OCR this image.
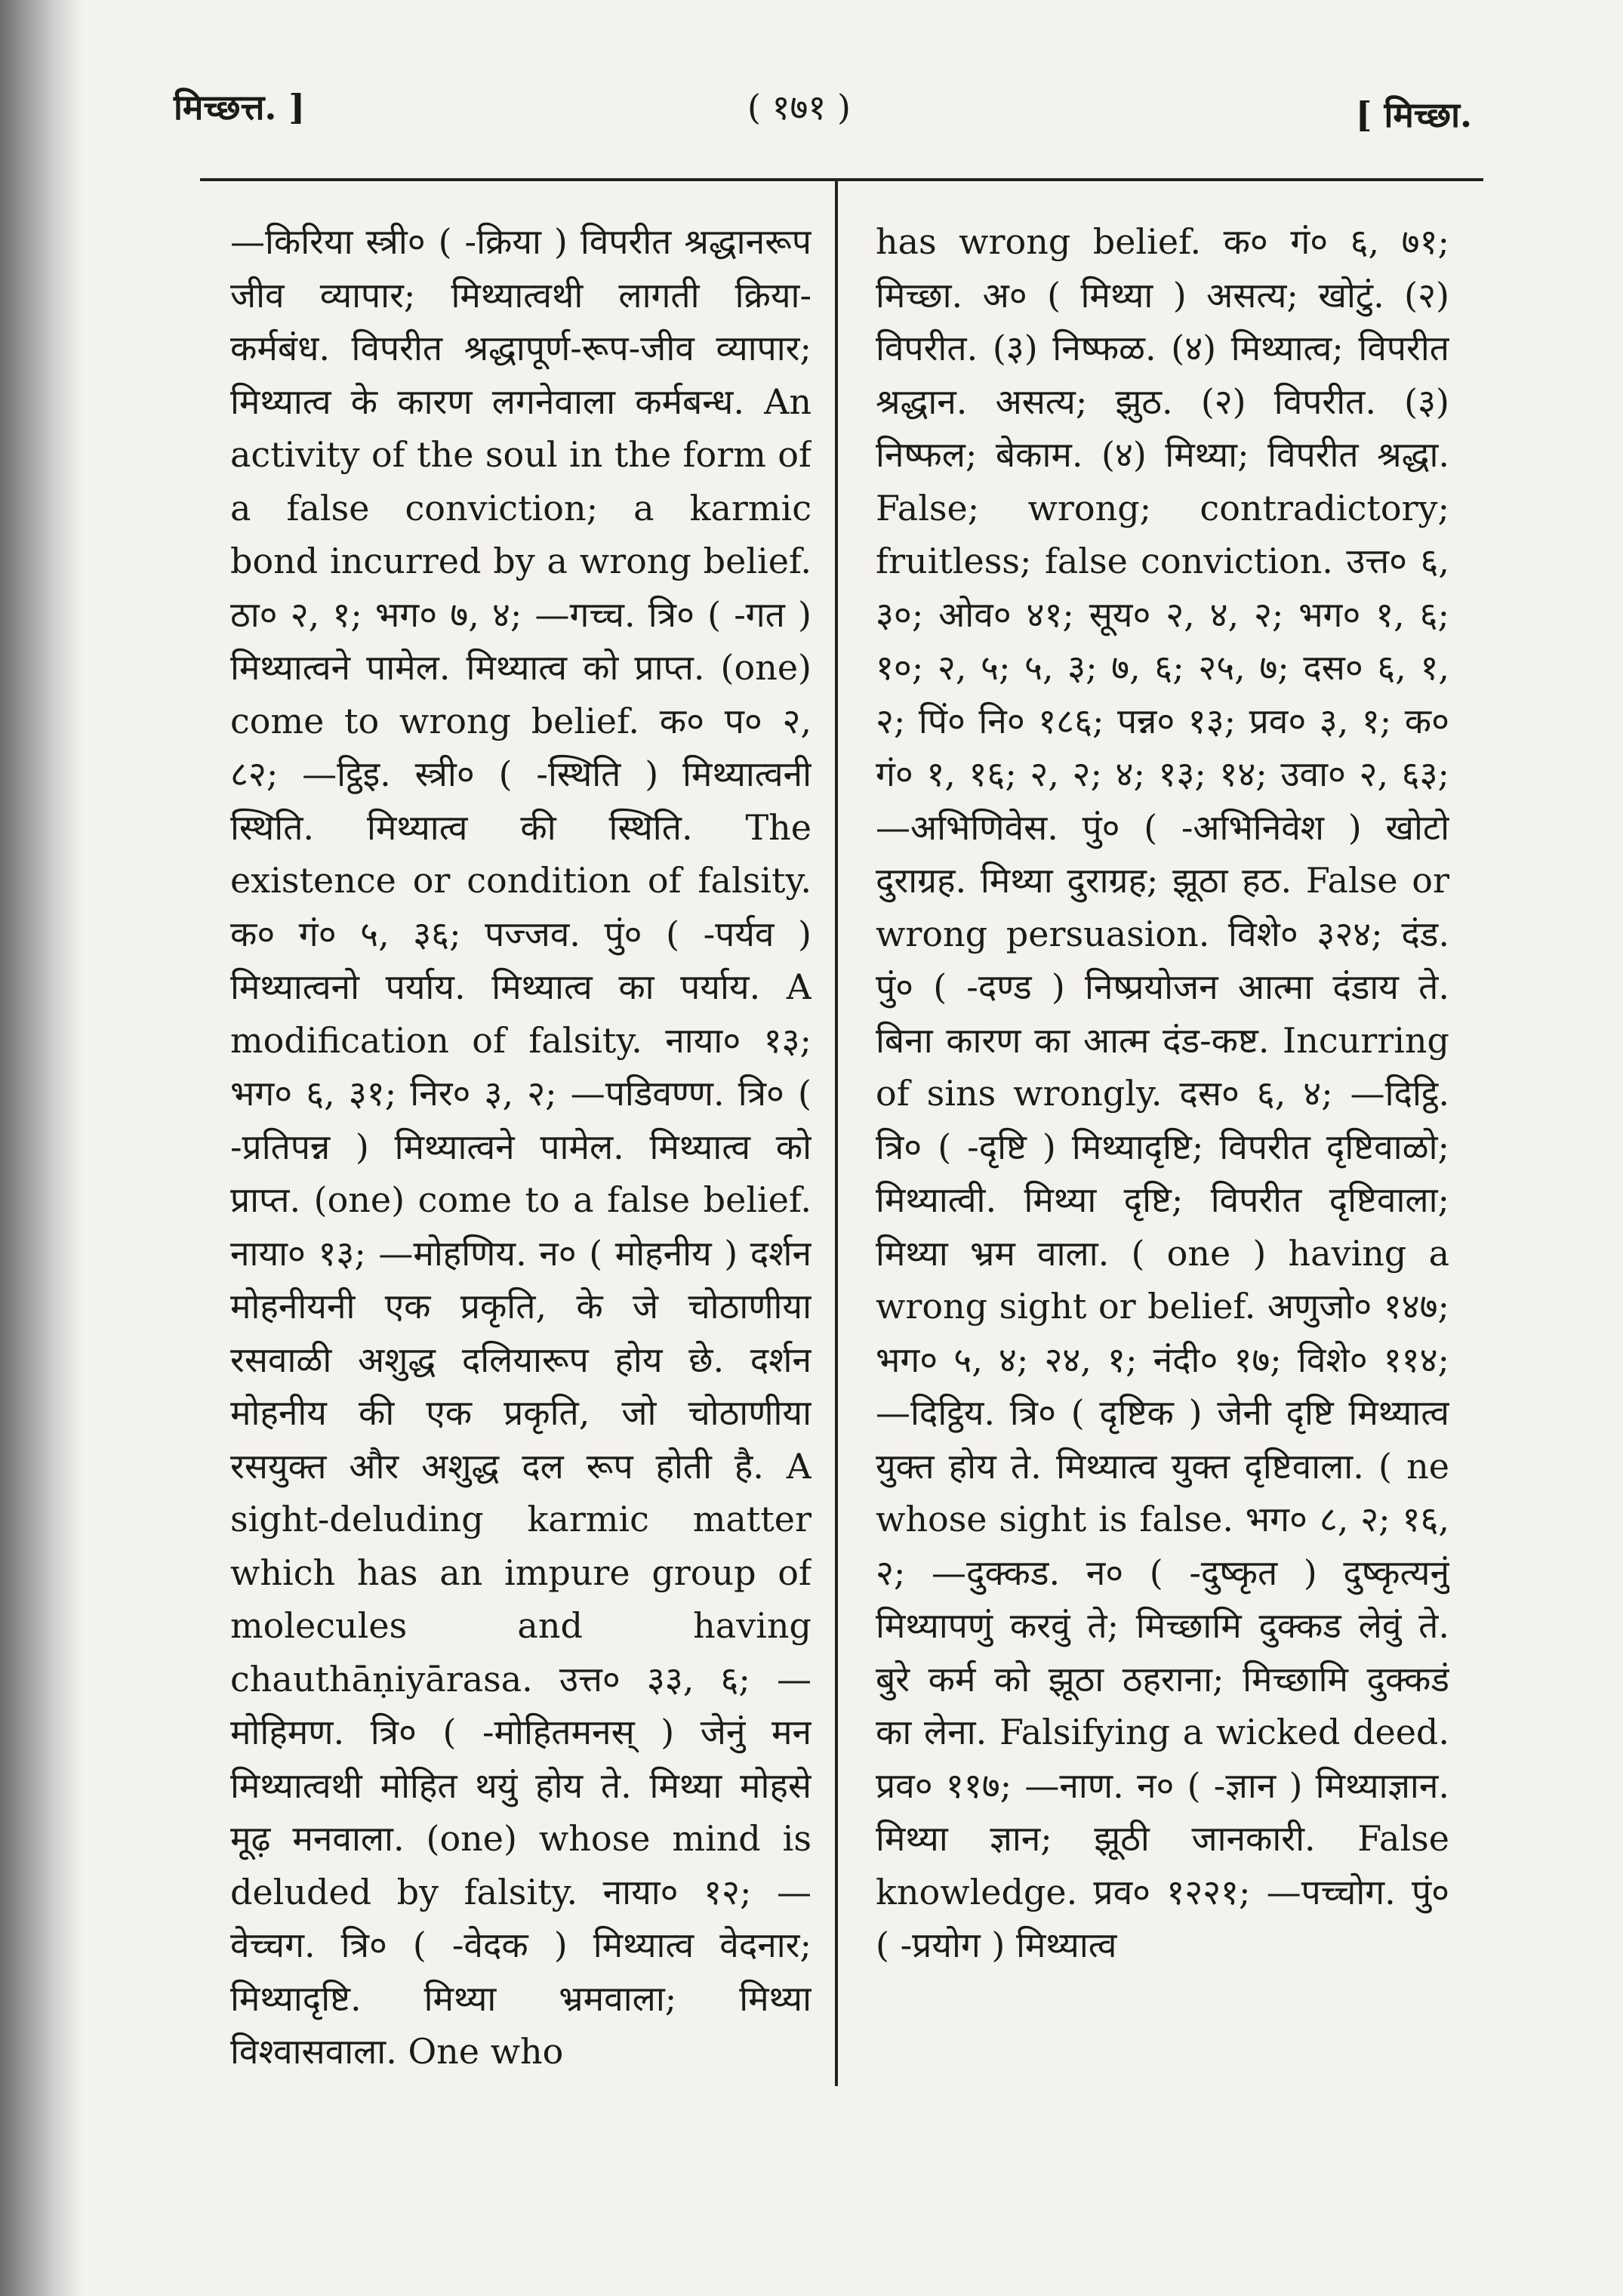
मिच्छत्त. ]	( १७१ )	[ मिच्छा.

—किरिया स्त्री० ( -क्रिया ) विपरीत श्रद्धानरूप जीव व्यापार; मिथ्यात्वथी लागती क्रिया-कर्मबंध. विपरीत श्रद्धापूर्ण-रूप-जीव व्यापार; मिथ्यात्व के कारण लगनेवाला कर्मबन्ध. An activity of the soul in the form of a false conviction; a karmic bond incurred by a wrong belief. ठा० २, १; भग० ७, ४; —गच्च. त्रि० ( -गत ) मिथ्यात्वने पामेल. मिथ्यात्व को प्राप्त. (one) come to wrong belief. क० प० २, ८२; —ट्ठिइ. स्त्री० ( -स्थिति ) मिथ्यात्वनी स्थिति. मिथ्यात्व की स्थिति. The existence or condition of falsity. क० गं० ५, ३६; पज्जव. पुं० ( -पर्यव ) मिथ्यात्वनो पर्याय. मिथ्यात्व का पर्याय. A modification of falsity. नाया० १३; भग० ६, ३१; निर० ३, २; —पडिवण्ण. त्रि० ( -प्रतिपन्न ) मिथ्यात्वने पामेल. मिथ्यात्व को प्राप्त. (one) come to a false belief. नाया० १३; —मोहणिय. न० ( मोहनीय ) दर्शन मोहनीयनी एक प्रकृति, के जे चोठाणीया रसवाळी अशुद्ध दलियारूप होय छे. दर्शन मोहनीय की एक प्रकृति, जो चोठाणीया रसयुक्त और अशुद्ध दल रूप होती है. A sight-deluding karmic matter which has an impure group of molecules and having chauthāṇiyārasa. उत्त० ३३, ६; —मोहिमण. त्रि० ( -मोहितमनस् ) जेनुं मन मिथ्यात्वथी मोहित थयुं होय ते. मिथ्या मोहसे मूढ़ मनवाला. (one) whose mind is deluded by falsity. नाया० १२; —वेच्चग. त्रि० ( -वेदक ) मिथ्यात्व वेदनार; मिथ्यादृष्टि. मिथ्या भ्रमवाला; मिथ्या विश्वासवाला. One who

has wrong belief. क० गं० ६, ७१; मिच्छा. अ० ( मिथ्या ) असत्य; खोटुं. (२) विपरीत. (३) निष्फळ. (४) मिथ्यात्व; विपरीत श्रद्धान. असत्य; झुठ. (२) विपरीत. (३) निष्फल; बेकाम. (४) मिथ्या; विपरीत श्रद्धा. False; wrong; contradictory; fruitless; false conviction. उत्त० ६, ३०; ओव० ४१; सूय० २, ४, २; भग० १, ६; १०; २, ५; ५, ३; ७, ६; २५, ७; दस० ६, १, २; पिं० नि० १८६; पन्न० १३; प्रव० ३, १; क० गं० १, १६; २, २; ४; १३; १४; उवा० २, ६३; —अभिणिवेस. पुं० ( -अभिनिवेश ) खोटो दुराग्रह. मिथ्या दुराग्रह; झूठा हठ. False or wrong persuasion. विशे० ३२४; दंड. पुं० ( -दण्ड ) निष्प्रयोजन आत्मा दंडाय ते. बिना कारण का आत्म दंड-कष्ट. Incurring of sins wrongly. दस० ६, ४; —दिट्ठि. त्रि० ( -दृष्टि ) मिथ्यादृष्टि; विपरीत दृष्टिवाळो; मिथ्यात्वी. मिथ्या दृष्टि; विपरीत दृष्टिवाला; मिथ्या भ्रम वाला. ( one ) having a wrong sight or belief. अणुजो० १४७; भग० ५, ४; २४, १; नंदी० १७; विशे० ११४; —दिट्ठिय. त्रि० ( दृष्टिक ) जेनी दृष्टि मिथ्यात्व युक्त होय ते. मिथ्यात्व युक्त दृष्टिवाला. ( ne whose sight is false. भग० ८, २; १६, २; —दुक्कड. न० ( -दुष्कृत ) दुष्कृत्यनुं मिथ्यापणुं करवुं ते; मिच्छामि दुक्कड लेवुं ते. बुरे कर्म को झूठा ठहराना; मिच्छामि दुक्कडं का लेना. Falsifying a wicked deed. प्रव० ११७; —नाण. न० ( -ज्ञान ) मिथ्याज्ञान. मिथ्या ज्ञान; झूठी जानकारी. False knowledge. प्रव० १२२१; —पच्चोग. पुं० ( -प्रयोग ) मिथ्यात्व
